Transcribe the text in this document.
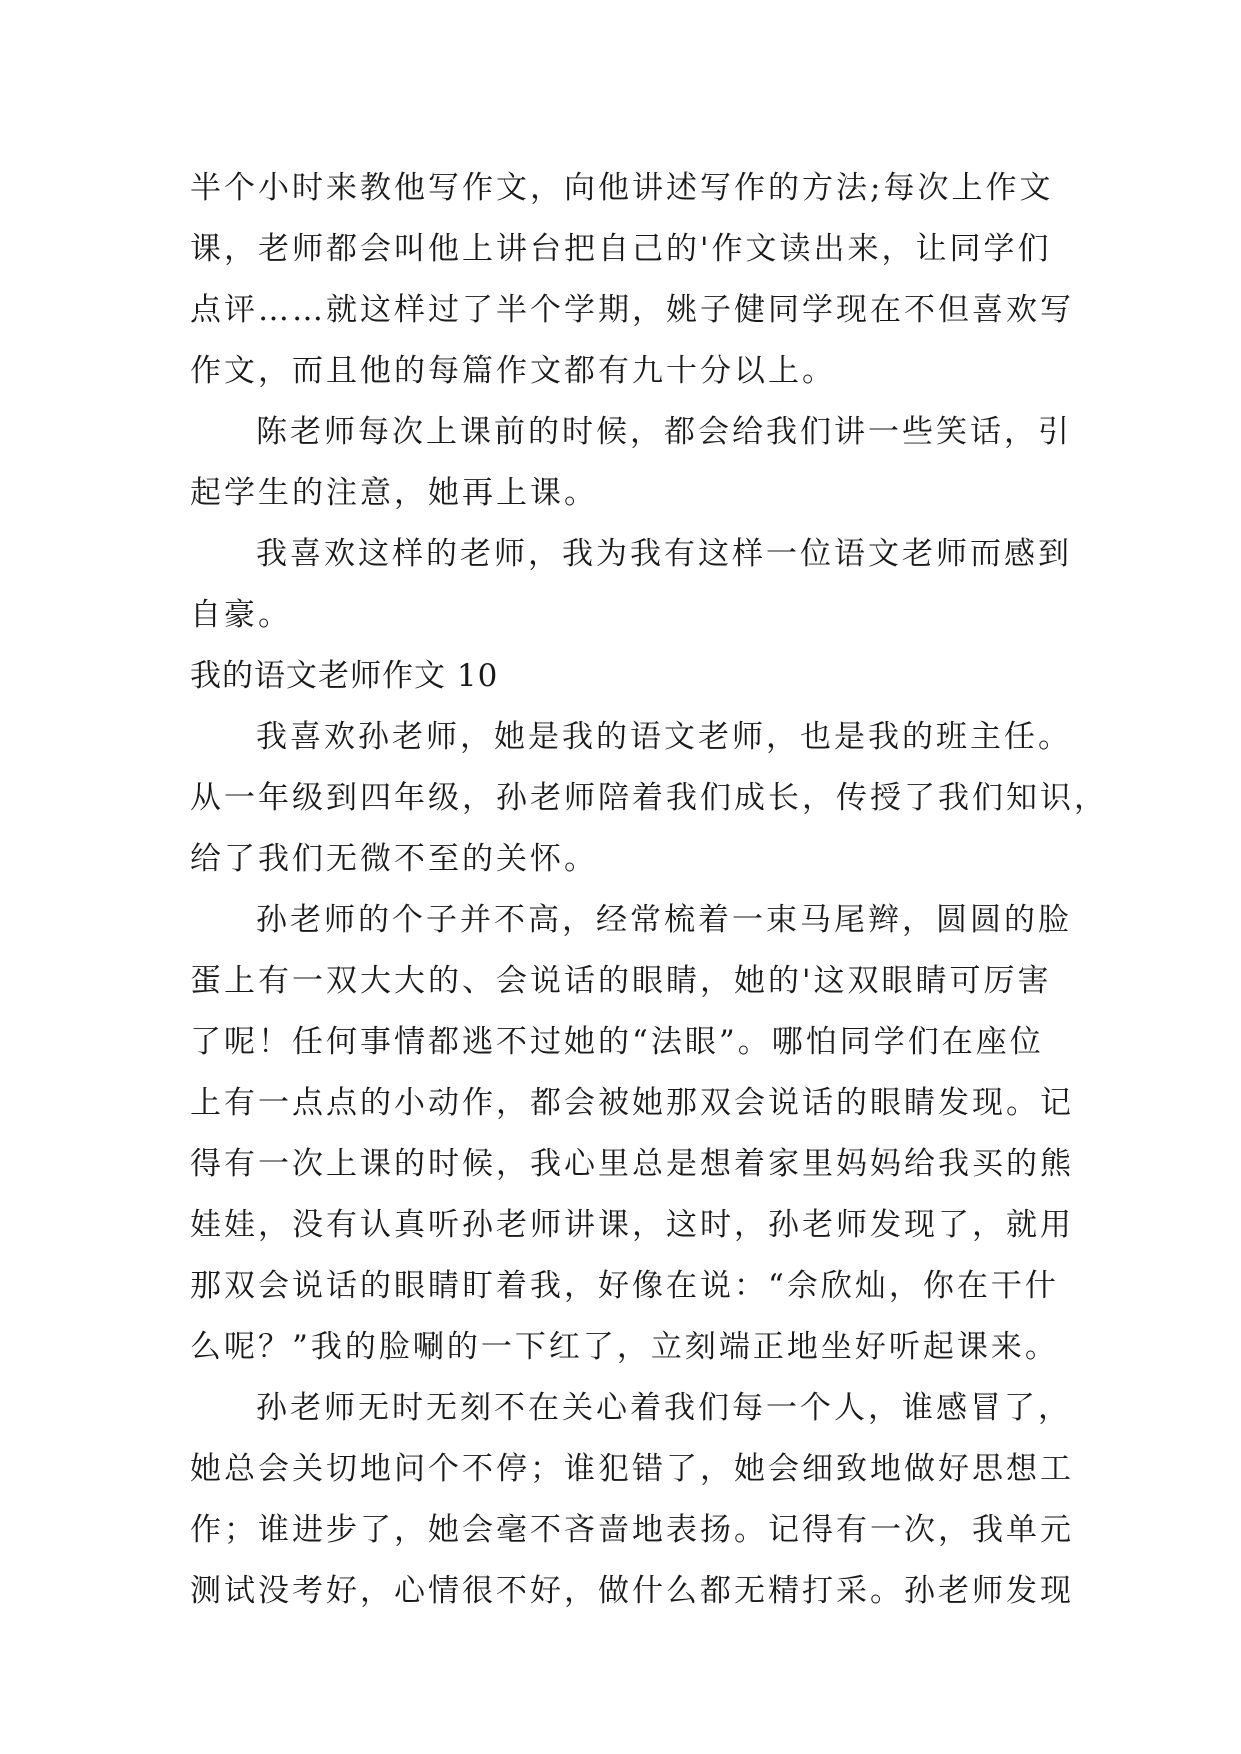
半个小时来教他写作文，向他讲述写作的方法;每次上作文
课，老师都会叫他上讲台把自己的'作文读出来，让同学们
点评……就这样过了半个学期，姚子健同学现在不但喜欢写
作文，而且他的每篇作文都有九十分以上。
陈老师每次上课前的时候，都会给我们讲一些笑话，引
起学生的注意，她再上课。
我喜欢这样的老师，我为我有这样一位语文老师而感到
自豪。
我的语文老师作文 10
我喜欢孙老师，她是我的语文老师，也是我的班主任。
从一年级到四年级，孙老师陪着我们成长，传授了我们知识，
给了我们无微不至的关怀。
孙老师的个子并不高，经常梳着一束马尾辫，圆圆的脸
蛋上有一双大大的、会说话的眼睛，她的'这双眼睛可厉害
了呢！任何事情都逃不过她的“法眼”。哪怕同学们在座位
上有一点点的小动作，都会被她那双会说话的眼睛发现。记
得有一次上课的时候，我心里总是想着家里妈妈给我买的熊
娃娃，没有认真听孙老师讲课，这时，孙老师发现了，就用
那双会说话的眼睛盯着我，好像在说：“佘欣灿，你在干什
么呢？”我的脸唰的一下红了，立刻端正地坐好听起课来。
孙老师无时无刻不在关心着我们每一个人，谁感冒了，
她总会关切地问个不停；谁犯错了，她会细致地做好思想工
作；谁进步了，她会毫不吝啬地表扬。记得有一次，我单元
测试没考好，心情很不好，做什么都无精打采。孙老师发现
